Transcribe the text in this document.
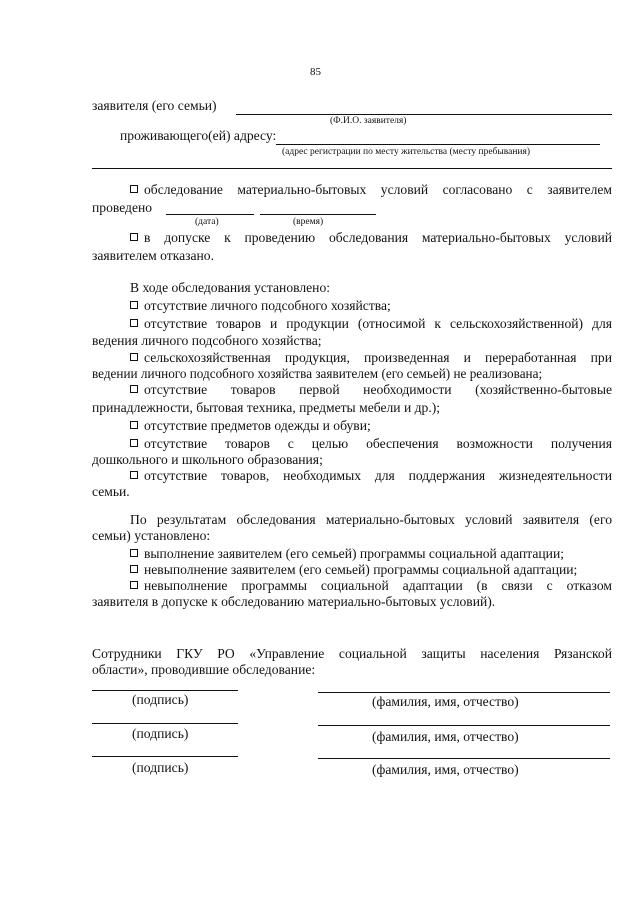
85
заявителя (его семьи)
(Ф.И.О. заявителя)
проживающего(ей) адресу:
(адрес регистрации по месту жительства (месту пребывания)
обследование материально-бытовых условий согласовано с заявителем
проведено
(дата)	(время)
в допуске к проведению обследования материально-бытовых условий
заявителем отказано.
В ходе обследования установлено:
отсутствие личного подсобного хозяйства;
отсутствие товаров и продукции (относимой к сельскохозяйственной) для
ведения личного подсобного хозяйства;
сельскохозяйственная продукция, произведенная и переработанная при
ведении личного подсобного хозяйства заявителем (его семьей) не реализована;
отсутствие товаров первой необходимости (хозяйственно-бытовые
принадлежности, бытовая техника, предметы мебели и др.);
отсутствие предметов одежды и обуви;
отсутствие товаров с целью обеспечения возможности получения
дошкольного и школьного образования;
отсутствие товаров, необходимых для поддержания жизнедеятельности
семьи.
По результатам обследования материально-бытовых условий заявителя (его
семьи) установлено:
выполнение заявителем (его семьей) программы социальной адаптации;
невыполнение заявителем (его семьей) программы социальной адаптации;
невыполнение программы социальной адаптации (в связи с отказом
заявителя в допуске к обследованию материально-бытовых условий).
Сотрудники ГКУ РО «Управление социальной защиты населения Рязанской
области», проводившие обследование:
(подпись)	(фамилия, имя, отчество)
(подпись)	(фамилия, имя, отчество)
(подпись)	(фамилия, имя, отчество)
